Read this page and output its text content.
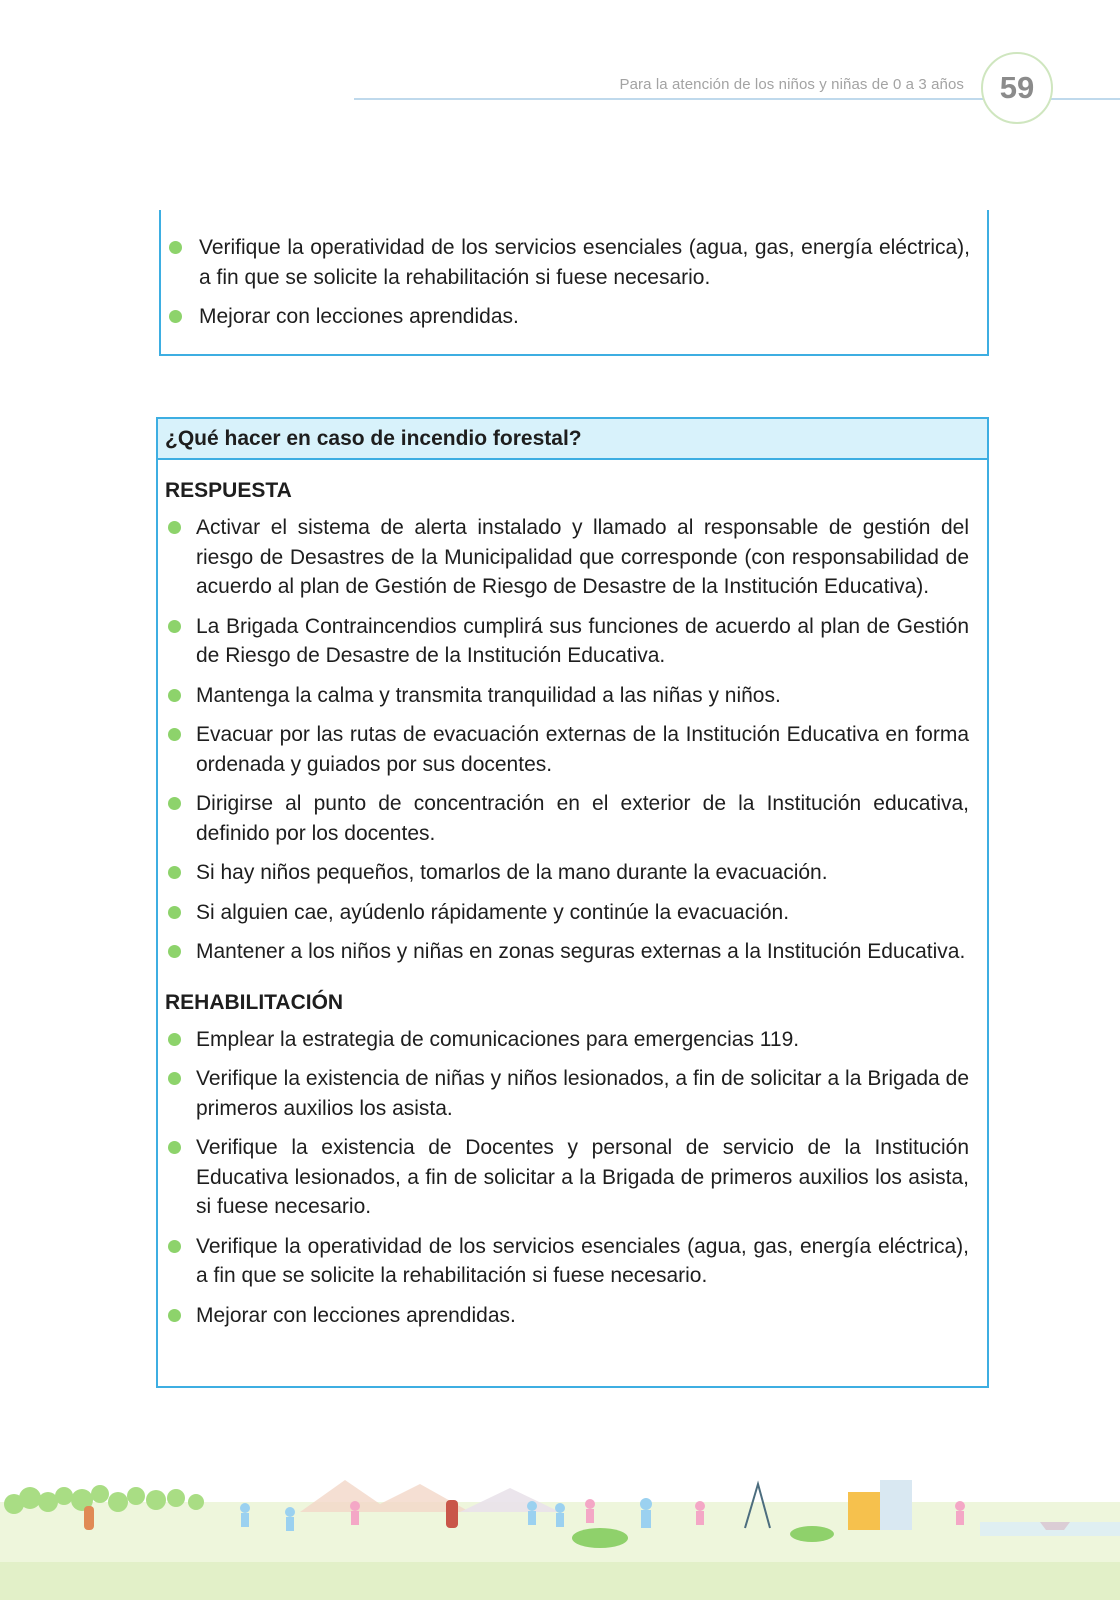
Para la atención de los niños y niñas de 0 a 3 años	59
Verifique la operatividad de los servicios esenciales (agua, gas, energía eléctrica), a fin que se solicite la rehabilitación si fuese necesario.
Mejorar con lecciones aprendidas.
¿Qué hacer en caso de incendio forestal?
RESPUESTA
Activar el sistema de alerta instalado y llamado al responsable de gestión del riesgo de Desastres de la Municipalidad que corresponde (con responsabilidad de acuerdo al plan de Gestión de Riesgo de Desastre de la Institución Educativa).
La Brigada Contraincendios cumplirá sus funciones de acuerdo al plan de Gestión de Riesgo de Desastre de la Institución Educativa.
Mantenga la calma y transmita tranquilidad a las niñas y niños.
Evacuar por las rutas de evacuación externas de la Institución Educativa en forma ordenada y guiados por sus docentes.
Dirigirse al punto de concentración en el exterior de la Institución educativa, definido por los docentes.
Si hay niños pequeños, tomarlos de la mano durante la evacuación.
Si alguien cae, ayúdenlo rápidamente y continúe la evacuación.
Mantener a los niños y niñas en zonas seguras externas a la Institución Educativa.
REHABILITACIÓN
Emplear la estrategia de comunicaciones para emergencias 119.
Verifique la existencia de niñas y niños lesionados, a fin de solicitar a la Brigada de primeros auxilios los asista.
Verifique la existencia de Docentes y personal de servicio de la Institución Educativa lesionados, a fin de solicitar a la Brigada de primeros auxilios los asista, si fuese necesario.
Verifique la operatividad de los servicios esenciales (agua, gas, energía eléctrica), a fin que se solicite la rehabilitación si fuese necesario.
Mejorar con lecciones aprendidas.
